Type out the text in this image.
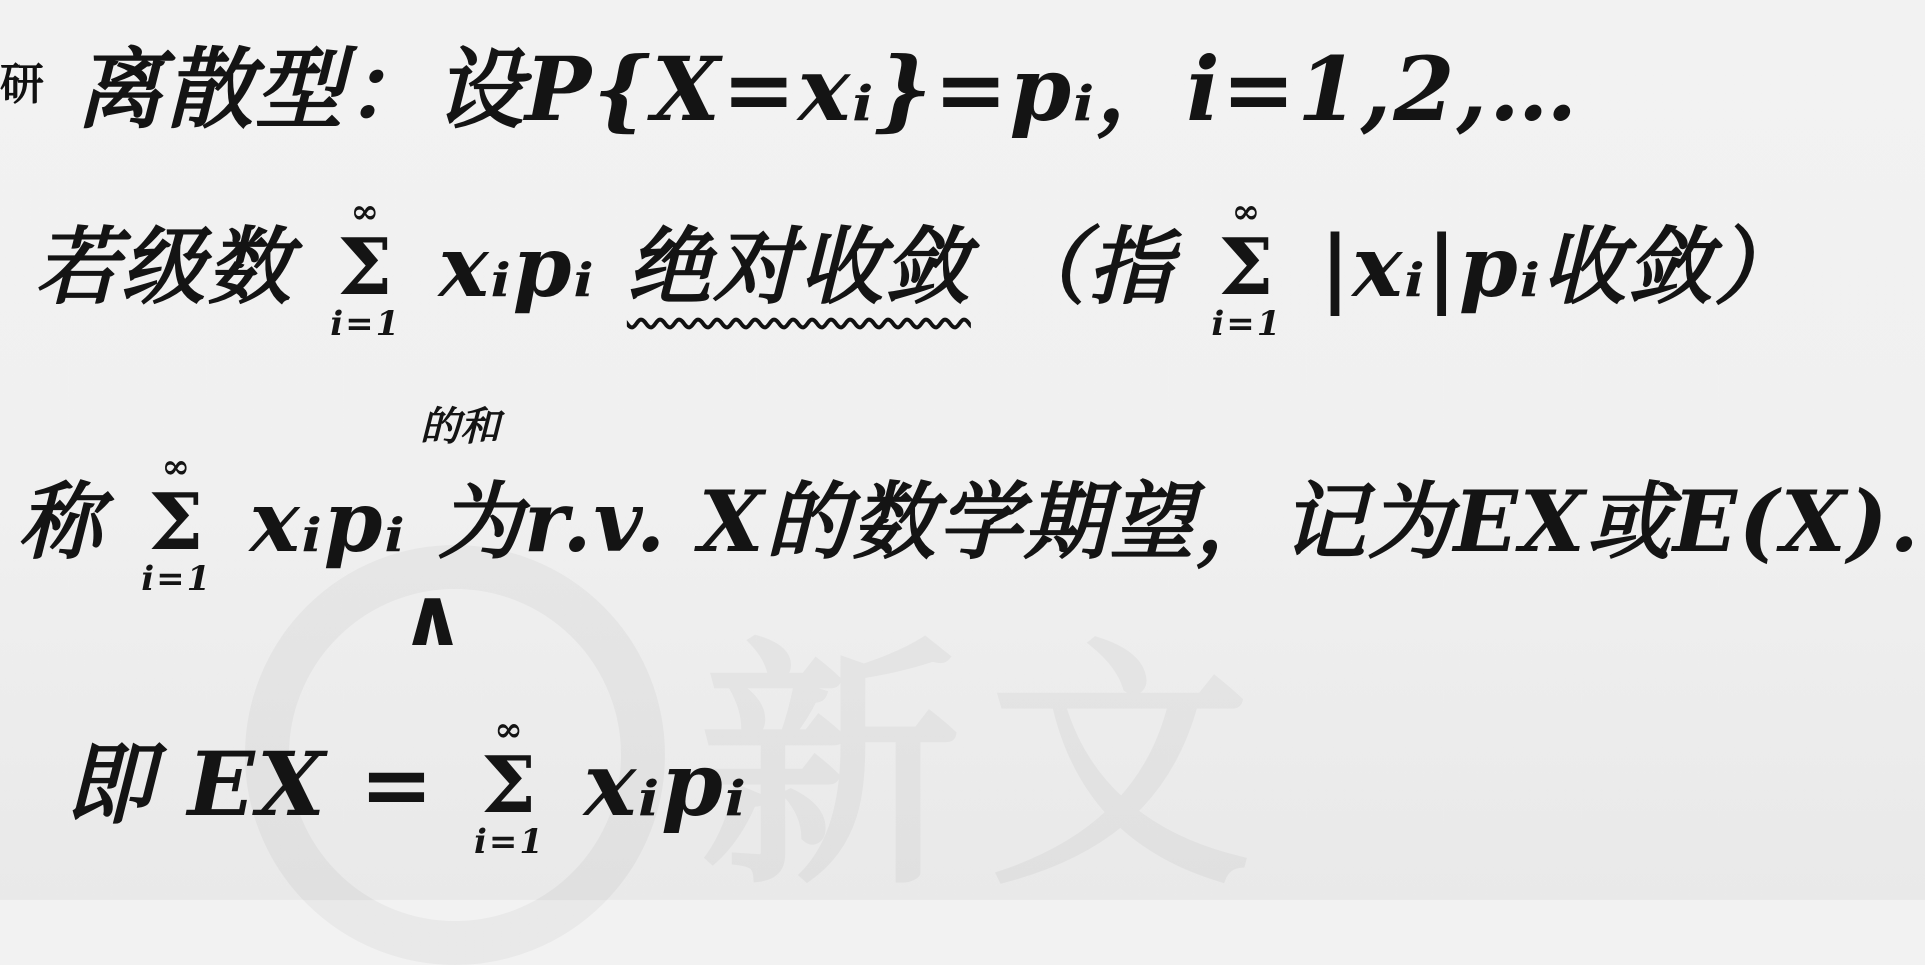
研 离散型：设P{X=xᵢ}=pᵢ，i=1,2,…
若级数
∞
Σ
i=1
xᵢpᵢ 绝对收敛 （指
∞
Σ
i=1
|xᵢ|pᵢ收敛）
的和
称
∞
Σ
i=1
xᵢpᵢ 为r.v. X的数学期望，记为EX或E(X).
∧
即 EX =
∞
Σ
i=1
xᵢpᵢ
